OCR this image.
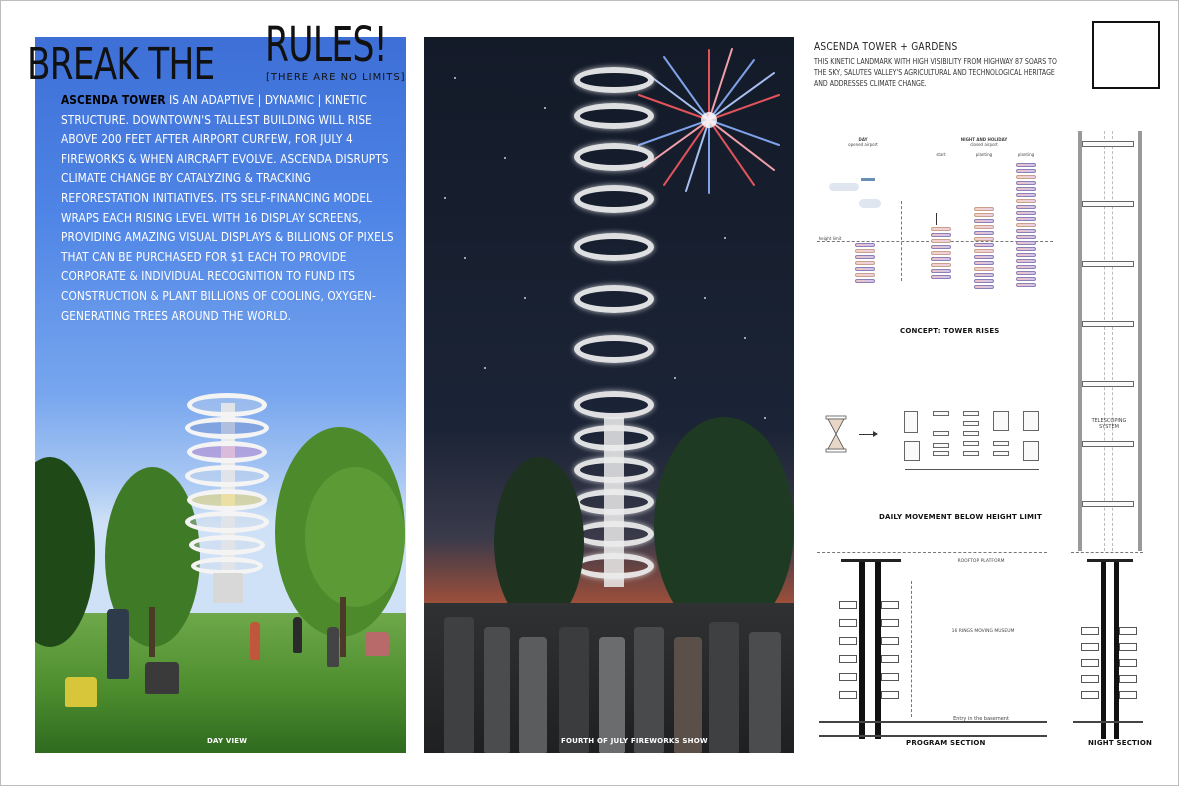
DAY VIEW
BREAK THE RULES!
[THERE ARE NO LIMITS]
ASCENDA TOWER IS AN ADAPTIVE | DYNAMIC | KINETIC STRUCTURE. DOWNTOWN'S TALLEST BUILDING WILL RISE ABOVE 200 FEET AFTER AIRPORT CURFEW, FOR JULY 4 FIREWORKS & WHEN AIRCRAFT EVOLVE. ASCENDA DISRUPTS CLIMATE CHANGE BY CATALYZING & TRACKING REFORESTATION INITIATIVES. ITS SELF-FINANCING MODEL WRAPS EACH RISING LEVEL WITH 16 DISPLAY SCREENS, PROVIDING AMAZING VISUAL DISPLAYS & BILLIONS OF PIXELS THAT CAN BE PURCHASED FOR $1 EACH TO PROVIDE CORPORATE & INDIVIDUAL RECOGNITION TO FUND ITS CONSTRUCTION & PLANT BILLIONS OF COOLING, OXYGEN-GENERATING TREES AROUND THE WORLD.
FOURTH OF JULY FIREWORKS SHOW
ASCENDA TOWER + GARDENS
THIS KINETIC LANDMARK WITH HIGH VISIBILITY FROM HIGHWAY 87 SOARS TO THE SKY, SALUTES VALLEY'S AGRICULTURAL AND TECHNOLOGICAL HERITAGE AND ADDRESSES CLIMATE CHANGE.
DAY
opened airport
NIGHT AND HOLIDAY
closed airport
start	planting	planting
height limit
CONCEPT: TOWER RISES
DAILY MOVEMENT BELOW HEIGHT LIMIT
TELESCOPING SYSTEM
ROOFTOP PLATFORM
16 RINGS MOVING MUSEUM
Entry in the basement
PROGRAM SECTION	NIGHT SECTION
